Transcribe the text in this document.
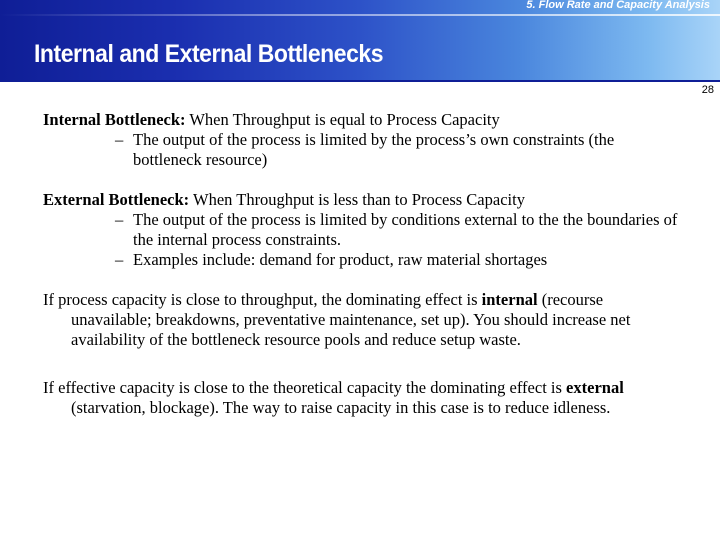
5. Flow Rate and Capacity Analysis
Internal and External Bottlenecks
28

Internal Bottleneck: When Throughput is equal to Process Capacity

– The output of the process is limited by the process’s own constraints (the bottleneck resource)

External Bottleneck: When Throughput is less than to Process Capacity

– The output of the process is limited by conditions external to the the boundaries of the internal process constraints.

– Examples include: demand for product, raw material shortages

If process capacity is close to throughput, the dominating effect is internal (recourse unavailable; breakdowns, preventative maintenance, set up). You should increase net availability of the bottleneck resource pools and reduce setup waste.

If effective capacity is close to the theoretical capacity the dominating effect is external (starvation, blockage). The way to raise capacity in this case is to reduce idleness.
